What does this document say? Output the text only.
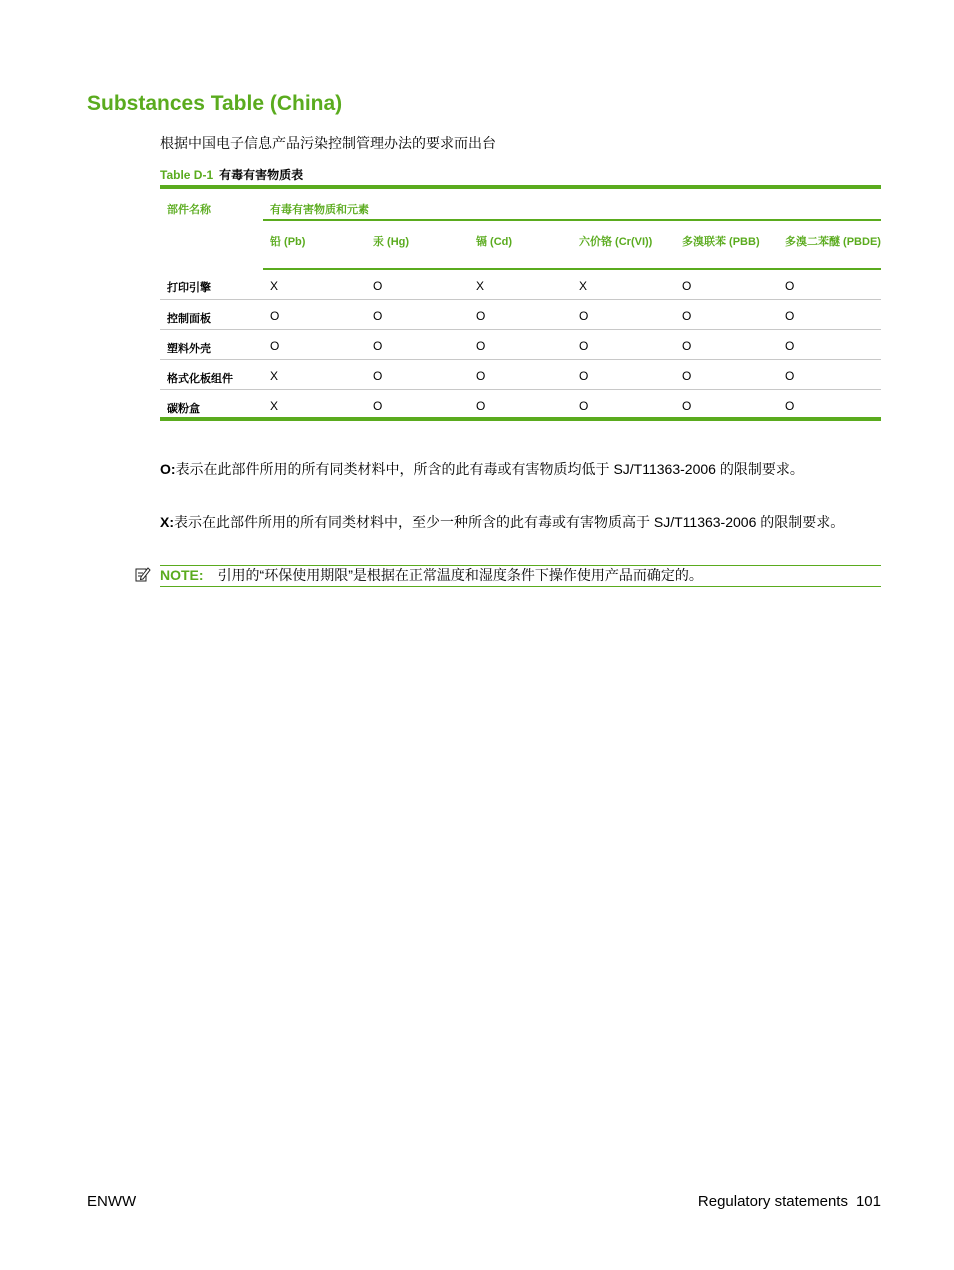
Substances Table (China)
根据中国电子信息产品污染控制管理办法的要求而出台
Table D-1 有毒有害物质表
部件名称	有毒有害物质和元素					
	铅 (Pb)	汞 (Hg)	镉 (Cd)	六价铬 (Cr(VI))	多溴联苯 (PBB)	多溴二苯醚 (PBDE)
打印引擎	X	O	X	X	O	O
控制面板	O	O	O	O	O	O
塑料外壳	O	O	O	O	O	O
格式化板组件	X	O	O	O	O	O
碳粉盒	X	O	O	O	O	O
O:表示在此部件所用的所有同类材料中，所含的此有毒或有害物质均低于 SJ/T11363-2006 的限制要求。
X:表示在此部件所用的所有同类材料中，至少一种所含的此有毒或有害物质高于 SJ/T11363-2006 的限制要求。
NOTE: 引用的“环保使用期限”是根据在正常温度和湿度条件下操作使用产品而确定的。
ENWW	Regulatory statements 101
